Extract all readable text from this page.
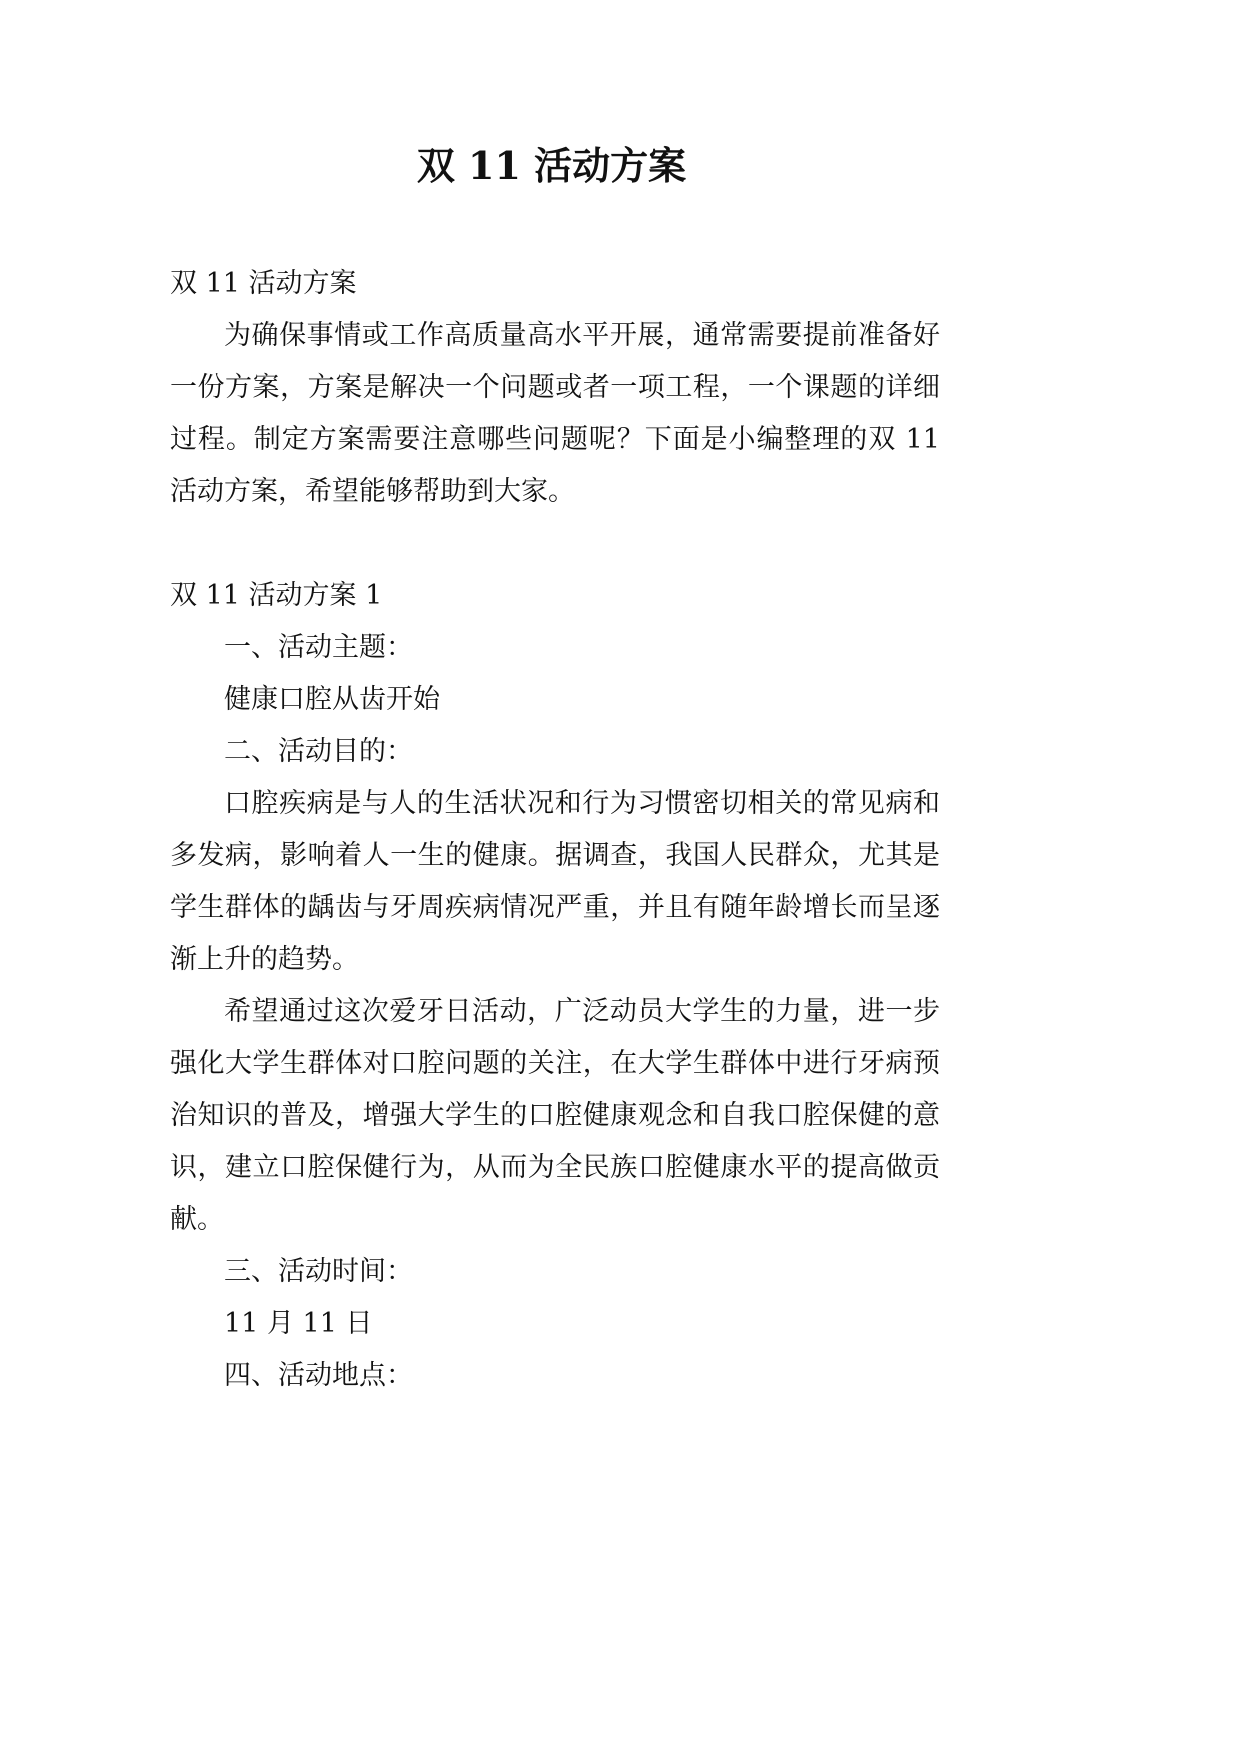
双 11 活动方案

双 11 活动方案

为确保事情或工作高质量高水平开展，通常需要提前准备好一份方案，方案是解决一个问题或者一项工程，一个课题的详细过程。制定方案需要注意哪些问题呢？下面是小编整理的双 11 活动方案，希望能够帮助到大家。

双 11 活动方案 1

一、活动主题：

健康口腔从齿开始

二、活动目的：

口腔疾病是与人的生活状况和行为习惯密切相关的常见病和多发病，影响着人一生的健康。据调查，我国人民群众，尤其是学生群体的龋齿与牙周疾病情况严重，并且有随年龄增长而呈逐渐上升的趋势。

希望通过这次爱牙日活动，广泛动员大学生的力量，进一步强化大学生群体对口腔问题的关注，在大学生群体中进行牙病预治知识的普及，增强大学生的口腔健康观念和自我口腔保健的意识，建立口腔保健行为，从而为全民族口腔健康水平的提高做贡献。

三、活动时间：

11 月 11 日

四、活动地点：
